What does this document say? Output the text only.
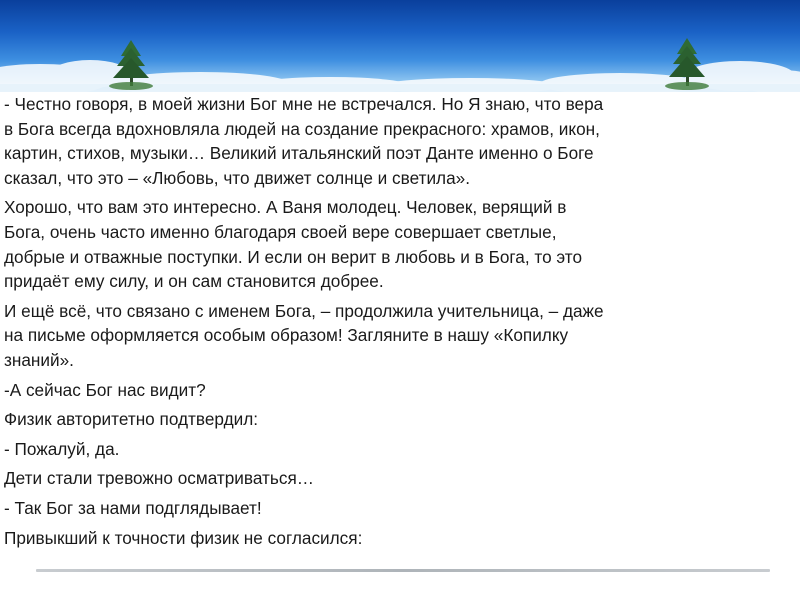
- Честно говоря, в моей жизни Бог мне не встречался. Но Я знаю, что вера
в Бога всегда вдохновляла людей на создание прекрасного: храмов, икон,
картин, стихов, музыки… Великий итальянский поэт Данте именно о Боге
сказал, что это – «Любовь, что движет солнце и светила».

Хорошо, что вам это интересно. А Ваня молодец. Человек, верящий в
Бога, очень часто именно благодаря своей вере совершает светлые,
добрые и отважные поступки. И если он верит в любовь и в Бога, то это
придаёт ему силу, и он сам становится добрее.

И ещё всё, что связано с именем Бога, – продолжила учительница, – даже
на письме оформляется особым образом! Загляните в нашу «Копилку
знаний».

-А сейчас Бог нас видит?

Физик авторитетно подтвердил:

- Пожалуй, да.

Дети стали тревожно осматриваться…

- Так Бог за нами подглядывает!

Привыкший к точности физик не согласился:
